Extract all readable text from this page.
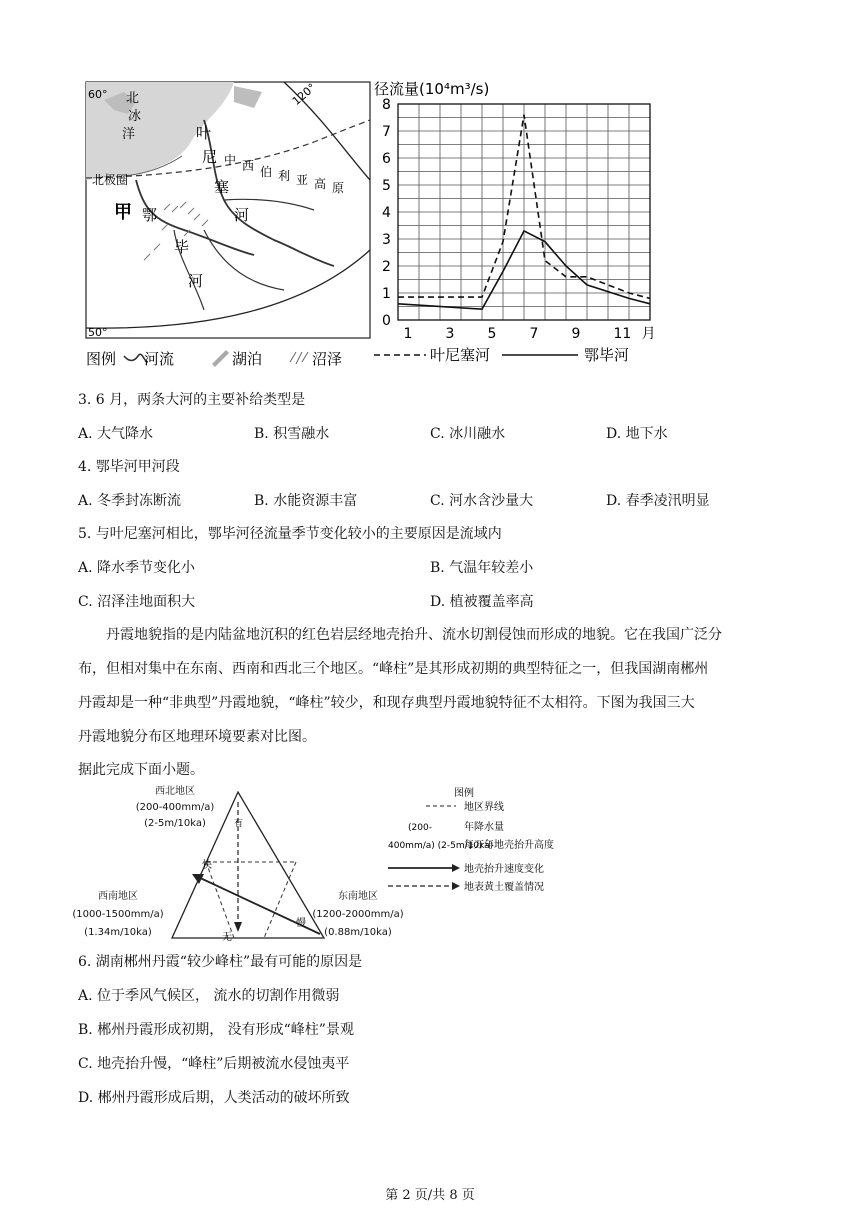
60°
50°
120°
北极圈
北
冰
洋
甲 鄂
毕
河
叶
尼
塞
河
中 西 伯 利 亚 高 原
图例 河流	湖泊	沼泽
径流量(10⁴m³/s)
0
1
2
3
4
5
6
7
8
1 3 5 7 9 11 月
叶尼塞河	鄂毕河
3. 6 月，两条大河的主要补给类型是
A. 大气降水	B. 积雪融水	C. 冰川融水	D. 地下水
4. 鄂毕河甲河段
A. 冬季封冻断流	B. 水能资源丰富	C. 河水含沙量大	D. 春季凌汛明显
5. 与叶尼塞河相比，鄂毕河径流量季节变化较小的主要原因是流域内
A. 降水季节变化小	B. 气温年较差小
C. 沼泽洼地面积大	D. 植被覆盖率高
丹霞地貌指的是内陆盆地沉积的红色岩层经地壳抬升、流水切割侵蚀而形成的地貌。它在我国广泛分
布，但相对集中在东南、西南和西北三个地区。“峰柱”是其形成初期的典型特征之一，但我国湖南郴州
丹霞却是一种“非典型”丹霞地貌，“峰柱”较少，和现存典型丹霞地貌特征不太相符。下图为我国三大
丹霞地貌分布区地理环境要素对比图。
据此完成下面小题。
有
快
无
慢
西北地区
(200-400mm/a)
(2-5m/10ka)
西南地区
(1000-1500mm/a)
(1.34m/10ka)
东南地区
(1200-2000mm/a)
(0.88m/10ka)
图例
地区界线
(200-	年降水量
400mm/a) (2-5m/10ka)
每万年地壳抬升高度
地壳抬升速度变化
地表黄土覆盖情况
6. 湖南郴州丹霞“较少峰柱”最有可能的原因是
A. 位于季风气候区， 流水的切割作用微弱
B. 郴州丹霞形成初期， 没有形成“峰柱”景观
C. 地壳抬升慢，“峰柱”后期被流水侵蚀夷平
D. 郴州丹霞形成后期，人类活动的破坏所致
第 2 页/共 8 页
